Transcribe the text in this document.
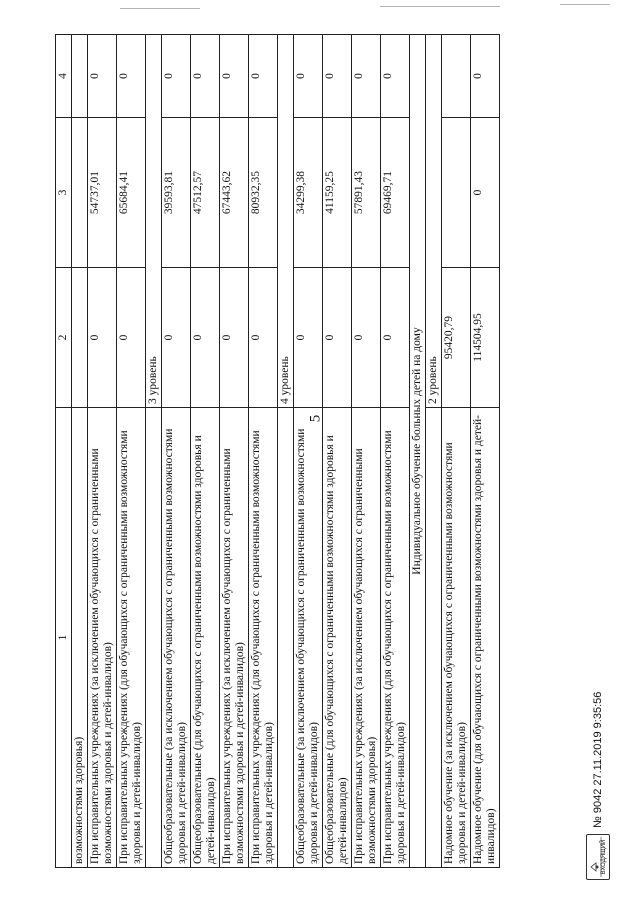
5
1	2	3	4
возможностями здоровья)			
При исправительных учреждениях (за исключением обучающихся с ограниченными возможностями здоровья и детей-инвалидов)	0	54737,01	0
При исправительных учреждениях (для обучающихся с ограниченными возможностями здоровья и детей-инвалидов)	0	65684,41	0
	3 уровень		
Общеобразовательные (за исключением обучающихся с ограниченными возможностями здоровья и детей-инвалидов)	0	39593,81	0
Общеобразовательные (для обучающихся с ограниченными возможностями здоровья и детей-инвалидов)	0	47512,57	0
При исправительных учреждениях (за исключением обучающихся с ограниченными возможностями здоровья и детей-инвалидов)	0	67443,62	0
При исправительных учреждениях (для обучающихся с ограниченными возможностями здоровья и детей-инвалидов)	0	80932,35	0
	4 уровень		
Общеобразовательные (за исключением обучающихся с ограниченными возможностями здоровья и детей-инвалидов)	0	34299,38	0
Общеобразовательные (для обучающихся с ограниченными возможностями здоровья и детей-инвалидов)	0	41159,25	0
При исправительных учреждениях (за исключением обучающихся с ограниченными возможностями здоровья)	0	57891,43	0
При исправительных учреждениях (для обучающихся с ограниченными возможностями здоровья и детей-инвалидов)	0	69469,71	0
Индивидуальное обучение больных детей на дому			
	2 уровень		
Надомное обучение (за исключением обучающихся с ограниченными возможностями здоровья и детей-инвалидов)	95420,79		
Надомное обучение (для обучающихся с ограниченными возможностями здоровья и детей-инвалидов)	114504,95	0	0
ВХОДЯЩИЙ
№ 9042 27.11.2019 9:35:56
